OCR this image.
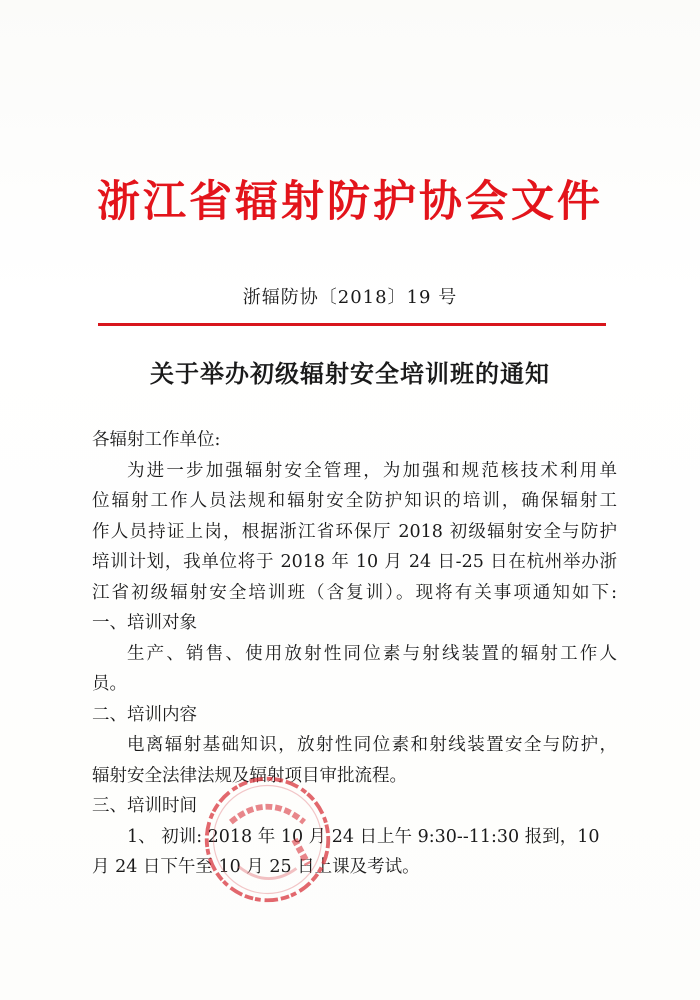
浙江省辐射防护协会文件
浙辐防协〔2018〕19 号
关于举办初级辐射安全培训班的通知
各辐射工作单位:
为进一步加强辐射安全管理，为加强和规范核技术利用单
位辐射工作人员法规和辐射安全防护知识的培训，确保辐射工
作人员持证上岗，根据浙江省环保厅 2018 初级辐射安全与防护
培训计划，我单位将于 2018 年 10 月 24 日-25 日在杭州举办浙
江省初级辐射安全培训班（含复训）。现将有关事项通知如下:
一、培训对象
生产、销售、使用放射性同位素与射线装置的辐射工作人
员。
二、培训内容
电离辐射基础知识，放射性同位素和射线装置安全与防护，
辐射安全法律法规及辐射项目审批流程。
三、培训时间
1、 初训: 2018 年 10 月 24 日上午 9:30--11:30 报到，10
月 24 日下午至 10 月 25 日上课及考试。
